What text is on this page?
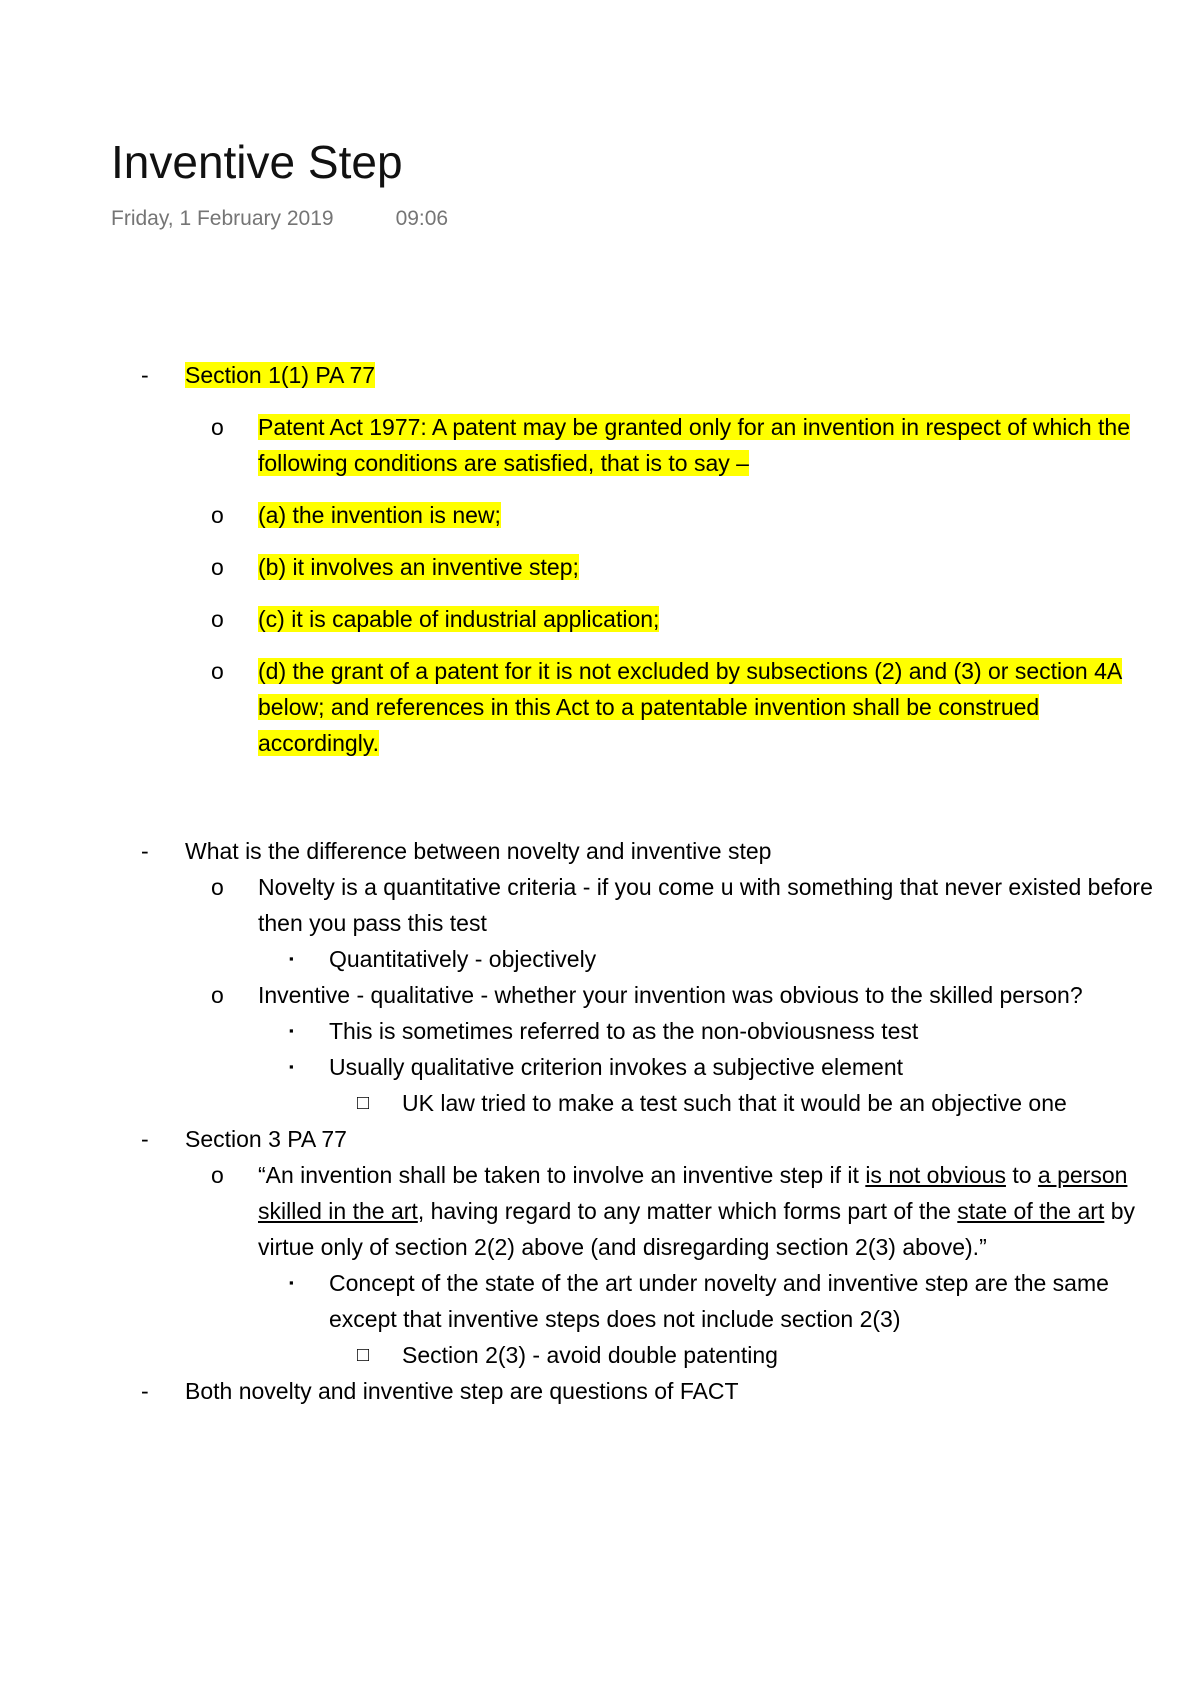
Inventive Step
Friday, 1 February 2019	09:06
- Section 1(1) PA 77
o Patent Act 1977: A patent may be granted only for an invention in respect of which the following conditions are satisfied, that is to say –
o (a) the invention is new;
o (b) it involves an inventive step;
o (c) it is capable of industrial application;
o (d) the grant of a patent for it is not excluded by subsections (2) and (3) or section 4A below; and references in this Act to a patentable invention shall be construed accordingly.
- What is the difference between novelty and inventive step
o Novelty is a quantitative criteria - if you come u with something that never existed before then you pass this test
▪ Quantitatively - objectively
o Inventive - qualitative - whether your invention was obvious to the skilled person?
▪ This is sometimes referred to as the non-obviousness test
▪ Usually qualitative criterion invokes a subjective element
□ UK law tried to make a test such that it would be an objective one
- Section 3 PA 77
o “An invention shall be taken to involve an inventive step if it is not obvious to a person skilled in the art, having regard to any matter which forms part of the state of the art by virtue only of section 2(2) above (and disregarding section 2(3) above).”
▪ Concept of the state of the art under novelty and inventive step are the same except that inventive steps does not include section 2(3)
□ Section 2(3) - avoid double patenting
- Both novelty and inventive step are questions of FACT
